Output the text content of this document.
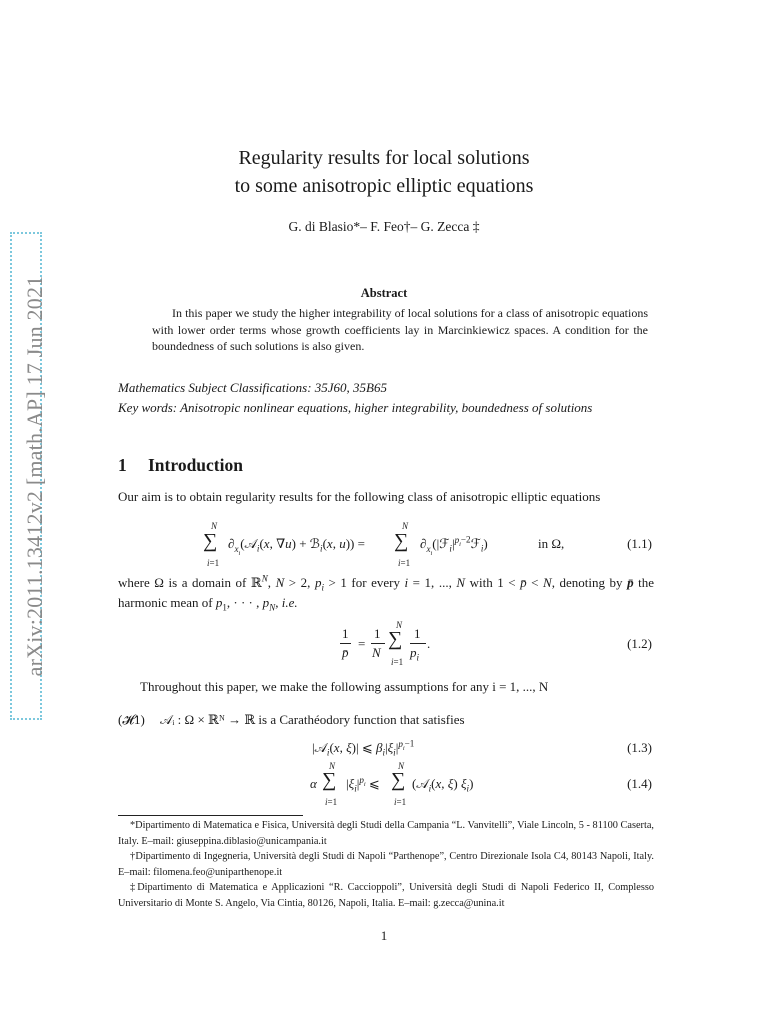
arXiv:2011.13412v2 [math.AP] 17 Jun 2021
Regularity results for local solutions
to some anisotropic elliptic equations
G. di Blasio*– F. Feo†– G. Zecca ‡
Abstract
In this paper we study the higher integrability of local solutions for a class of anisotropic equations with lower order terms whose growth coefficients lay in Marcinkiewicz spaces. A condition for the boundedness of such solutions is also given.
Mathematics Subject Classifications: 35J60, 35B65
Key words: Anisotropic nonlinear equations, higher integrability, boundedness of solutions
1 Introduction
Our aim is to obtain regularity results for the following class of anisotropic elliptic equations
N
∑
i=1
$\partial_{x_i}(𝒜_i(x$, ∇u) + ℬ$_i$(x, u)) =
N
∑
i=1
$\partial_{x_i}(|ℱ_i|^{p_i-2}ℱ_i)$	in Ω,	(1.1)
where Ω is a domain of ℝ$^N$, N > 2, $p_i > 1$ for every i = 1, ..., N with 1 < p̄ < N, denoting by p̄ the harmonic mean of $p_1$, · · · , $p_N$, i.e.
1
p̄
=
1
N
N
∑
i=1
1
$p_i$
.	(1.2)
Throughout this paper, we make the following assumptions for any i = 1, ..., N
(𝓗1) 𝒜ᵢ : Ω × ℝᴺ → ℝ is a Carathéodory function that satisfies
|𝒜$_i$(x, ξ)| ⩽ $\beta_i|\xi_i|^{p_i-1}$	(1.3)
α
N
∑
i=1
$|\xi_i|^{p_i}$ ⩽
N
∑
i=1
(𝒜$_i$(x, ξ) $\xi_i$)	(1.4)
*Dipartimento di Matematica e Fisica, Università degli Studi della Campania “L. Vanvitelli”, Viale Lincoln, 5 - 81100 Caserta, Italy. E–mail: giuseppina.diblasio@unicampania.it
†Dipartimento di Ingegneria, Università degli Studi di Napoli “Parthenope”, Centro Direzionale Isola C4, 80143 Napoli, Italy. E–mail: filomena.feo@uniparthenope.it
‡Dipartimento di Matematica e Applicazioni “R. Caccioppoli”, Università degli Studi di Napoli Federico II, Complesso Universitario di Monte S. Angelo, Via Cintia, 80126, Napoli, Italia. E–mail: g.zecca@unina.it
1
